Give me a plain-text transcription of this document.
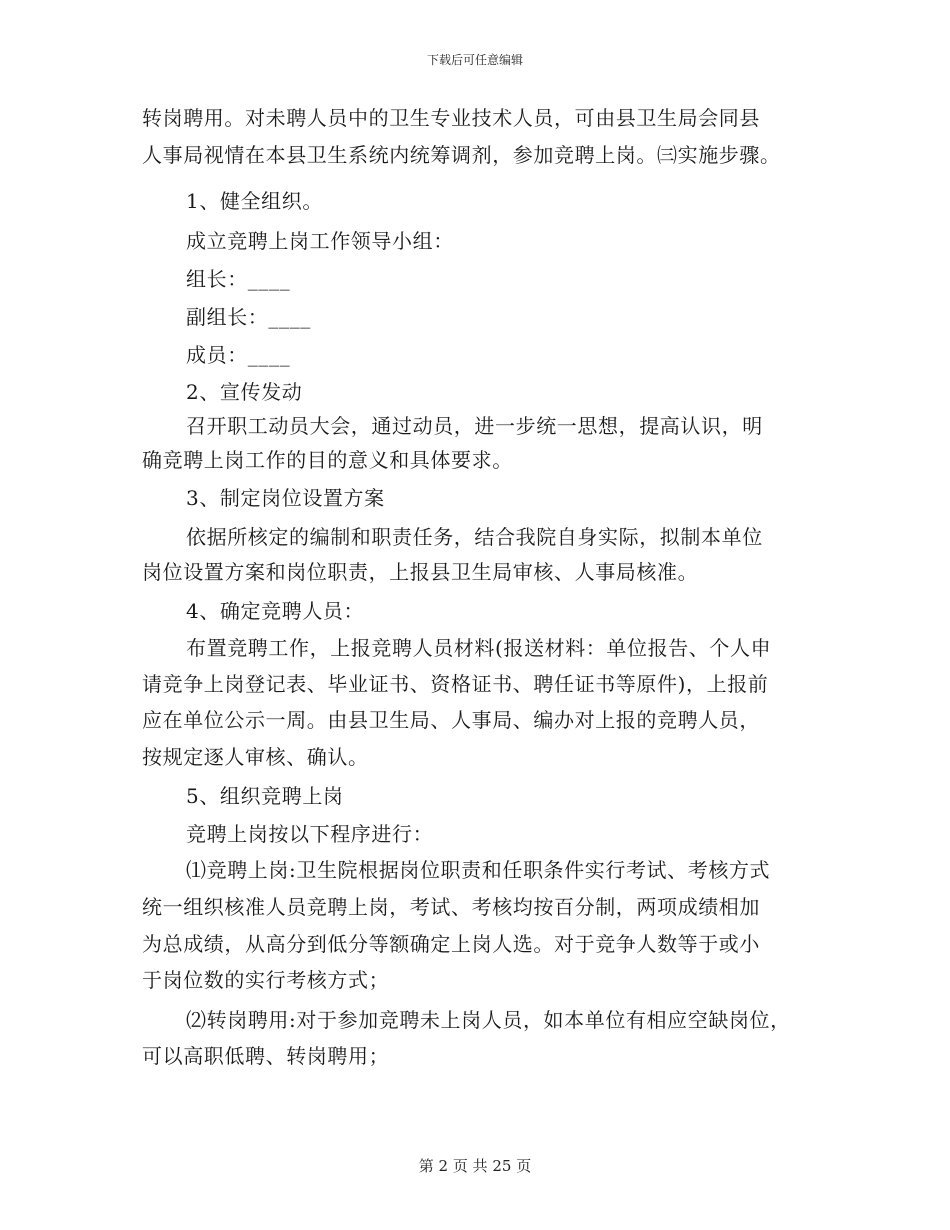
下载后可任意编辑
转岗聘用。对未聘人员中的卫生专业技术人员，可由县卫生局会同县
人事局视情在本县卫生系统内统筹调剂，参加竞聘上岗。㈢实施步骤。
1、健全组织。
成立竞聘上岗工作领导小组：
组长：____
副组长：____
成员：____
2、宣传发动
召开职工动员大会，通过动员，进一步统一思想，提高认识，明
确竞聘上岗工作的目的意义和具体要求。
3、制定岗位设置方案
依据所核定的编制和职责任务，结合我院自身实际，拟制本单位
岗位设置方案和岗位职责，上报县卫生局审核、人事局核准。
4、确定竞聘人员：
布置竞聘工作，上报竞聘人员材料(报送材料：单位报告、个人申
请竞争上岗登记表、毕业证书、资格证书、聘任证书等原件)，上报前
应在单位公示一周。由县卫生局、人事局、编办对上报的竞聘人员，
按规定逐人审核、确认。
5、组织竞聘上岗
竞聘上岗按以下程序进行：
⑴竞聘上岗:卫生院根据岗位职责和任职条件实行考试、考核方式
统一组织核准人员竞聘上岗，考试、考核均按百分制，两项成绩相加
为总成绩，从高分到低分等额确定上岗人选。对于竞争人数等于或小
于岗位数的实行考核方式；
⑵转岗聘用:对于参加竞聘未上岗人员，如本单位有相应空缺岗位，
可以高职低聘、转岗聘用；
第 2 页 共 25 页
